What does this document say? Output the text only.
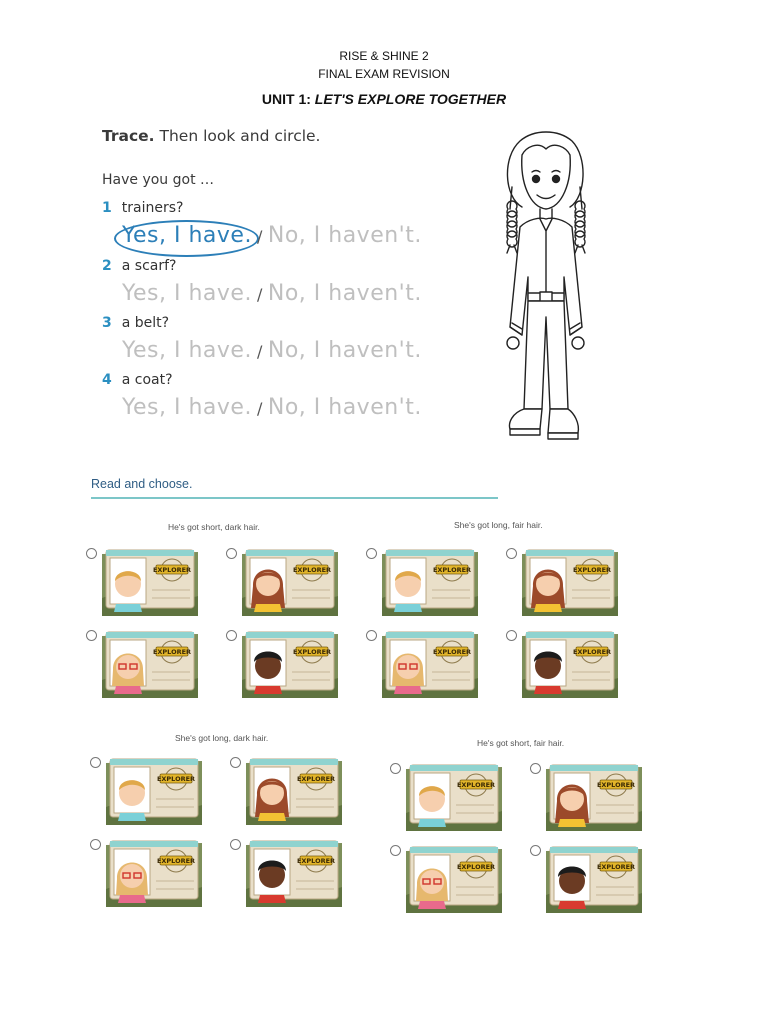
RISE & SHINE 2
FINAL EXAM REVISION
UNIT 1: LET'S EXPLORE TOGETHER
Trace. Then look and circle.
Have you got …
1 trainers?
Yes, I have. / No, I haven't.
2 a scarf?
Yes, I have. / No, I haven't.
3 a belt?
Yes, I have. / No, I haven't.
4 a coat?
Yes, I have. / No, I haven't.
Read and choose.
He's got short, dark hair.	She's got long, fair hair.
She's got long, dark hair.	He's got short, fair hair.
EXPLORER	EXPLORER
EXPLORER	EXPLORER
EXPLORER	EXPLORER
EXPLORER	EXPLORER
EXPLORER	EXPLORER
EXPLORER	EXPLORER
EXPLORER	EXPLORER
EXPLORER	EXPLORER
